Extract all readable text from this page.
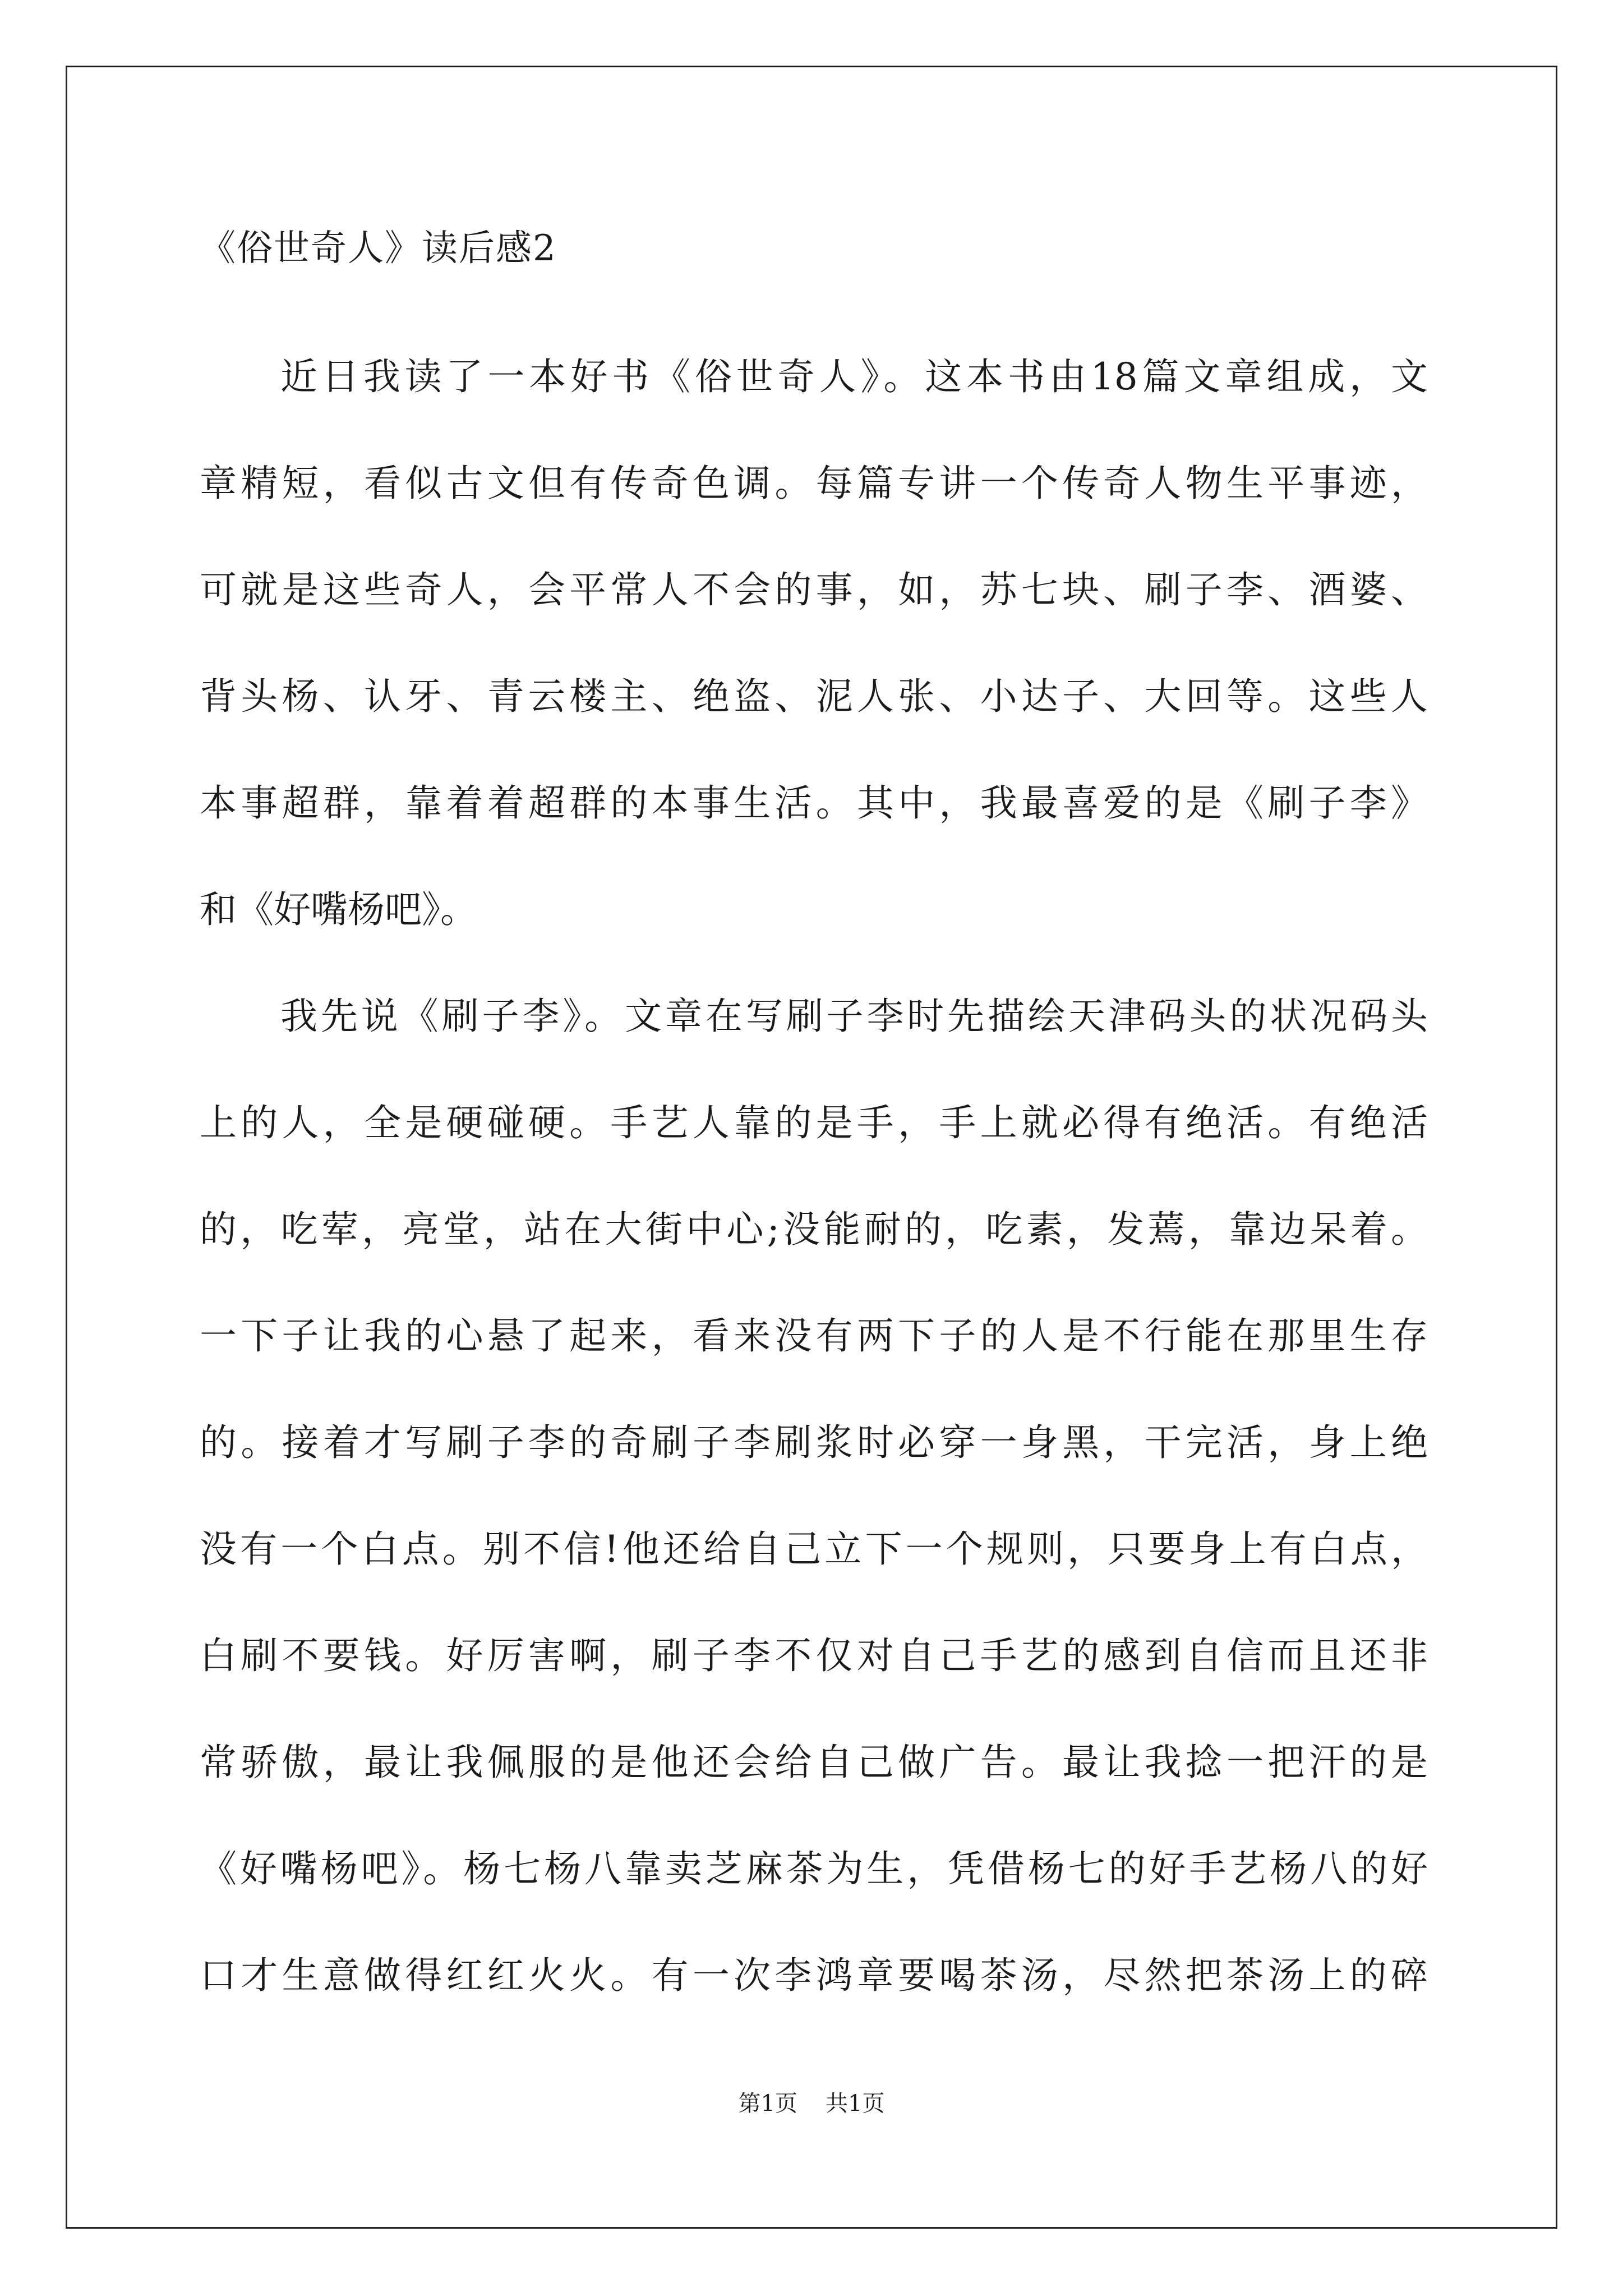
《俗世奇人》读后感2
近日我读了一本好书《俗世奇人》。这本书由18篇文章组成，文
章精短，看似古文但有传奇色调。每篇专讲一个传奇人物生平事迹，
可就是这些奇人，会平常人不会的事，如，苏七块、刷子李、酒婆、
背头杨、认牙、青云楼主、绝盗、泥人张、小达子、大回等。这些人
本事超群，靠着着超群的本事生活。其中，我最喜爱的是《刷子李》
和《好嘴杨吧》。
我先说《刷子李》。文章在写刷子李时先描绘天津码头的状况码头
上的人，全是硬碰硬。手艺人靠的是手，手上就必得有绝活。有绝活
的，吃荤，亮堂，站在大街中心;没能耐的，吃素，发蔫，靠边呆着。
一下子让我的心悬了起来，看来没有两下子的人是不行能在那里生存
的。接着才写刷子李的奇刷子李刷浆时必穿一身黑，干完活，身上绝
没有一个白点。别不信!他还给自己立下一个规则，只要身上有白点，
白刷不要钱。好厉害啊，刷子李不仅对自己手艺的感到自信而且还非
常骄傲，最让我佩服的是他还会给自己做广告。最让我捻一把汗的是
《好嘴杨吧》。杨七杨八靠卖芝麻茶为生，凭借杨七的好手艺杨八的好
口才生意做得红红火火。有一次李鸿章要喝茶汤，尽然把茶汤上的碎
第1页 共1页
